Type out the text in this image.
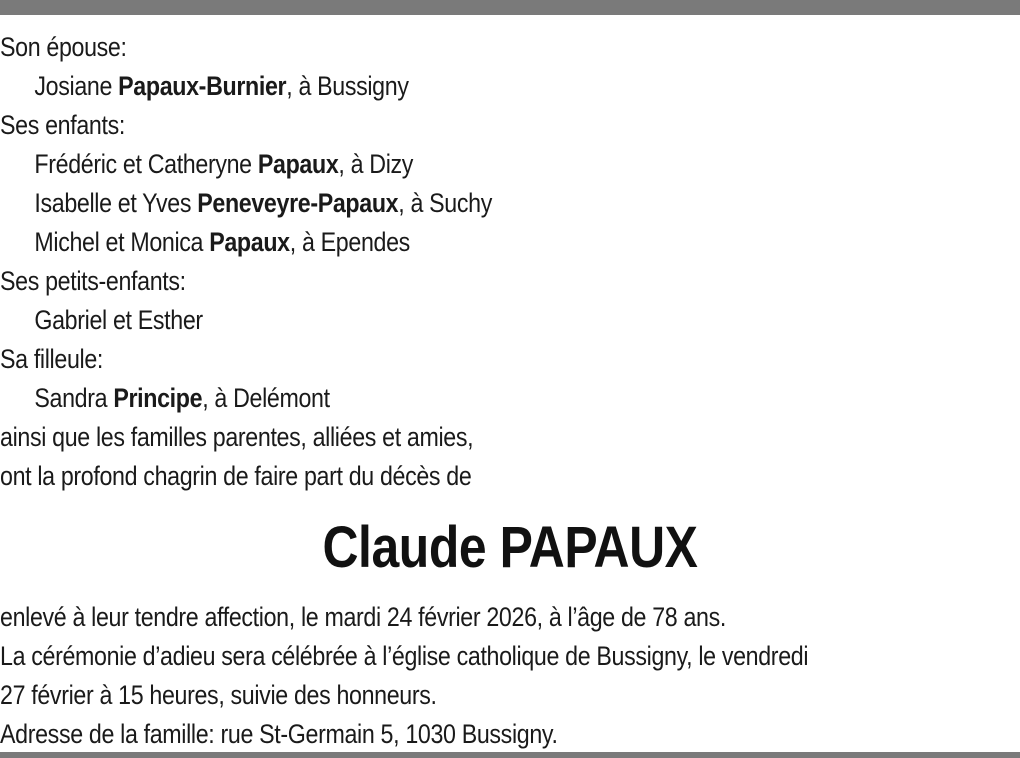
Son épouse:
Josiane Papaux-Burnier, à Bussigny
Ses enfants:
Frédéric et Catheryne Papaux, à Dizy
Isabelle et Yves Peneveyre-Papaux, à Suchy
Michel et Monica Papaux, à Ependes
Ses petits-enfants:
Gabriel et Esther
Sa filleule:
Sandra Principe, à Delémont
ainsi que les familles parentes, alliées et amies,
ont la profond chagrin de faire part du décès de
Claude PAPAUX
enlevé à leur tendre affection, le mardi 24 février 2026, à l’âge de 78 ans.
La cérémonie d’adieu sera célébrée à l’église catholique de Bussigny, le vendredi
27 février à 15 heures, suivie des honneurs.
Adresse de la famille: rue St-Germain 5, 1030 Bussigny.
